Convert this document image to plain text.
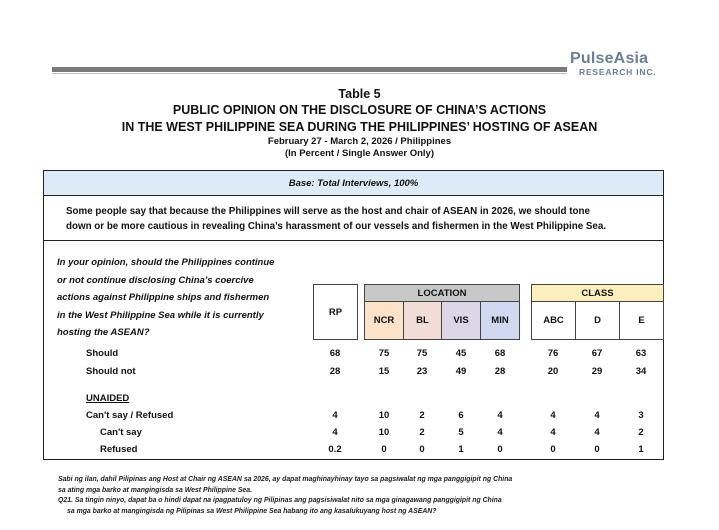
PulseAsia
RESEARCH INC.
Table 5
PUBLIC OPINION ON THE DISCLOSURE OF CHINA’S ACTIONS
IN THE WEST PHILIPPINE SEA DURING THE PHILIPPINES’ HOSTING OF ASEAN
February 27 - March 2, 2026 / Philippines
(In Percent / Single Answer Only)
Base: Total Interviews, 100%
Some people say that because the Philippines will serve as the host and chair of ASEAN in 2026, we should tone
down or be more cautious in revealing China’s harassment of our vessels and fishermen in the West Philippine Sea.
In your opinion, should the Philippines continue
or not continue disclosing China’s coercive
actions against Philippine ships and fishermen
in the West Philippine Sea while it is currently
hosting the ASEAN?
RP
LOCATION	CLASS
NCR	BL	VIS	MIN	ABC	D	E
Should	68	75	75	45	68	76	67	63
Should not	28	15	23	49	28	20	29	34
UNAIDED
Can't say / Refused	4	10	2	6	4	4	4	3
Can't say	4	10	2	5	4	4	4	2
Refused	0.2	0	0	1	0	0	0	1
Sabi ng ilan, dahil Pilipinas ang Host at Chair ng ASEAN sa 2026, ay dapat maghinayhinay tayo sa pagsiwalat ng mga panggigipit ng China
sa ating mga barko at mangingisda sa West Philippine Sea.
Q21. Sa tingin ninyo, dapat ba o hindi dapat na ipagpatuloy ng Pilipinas ang pagsisiwalat nito sa mga ginagawang panggigipit ng China
sa mga barko at mangingisda ng Pilipinas sa West Philippine Sea habang ito ang kasalukuyang host ng ASEAN?
